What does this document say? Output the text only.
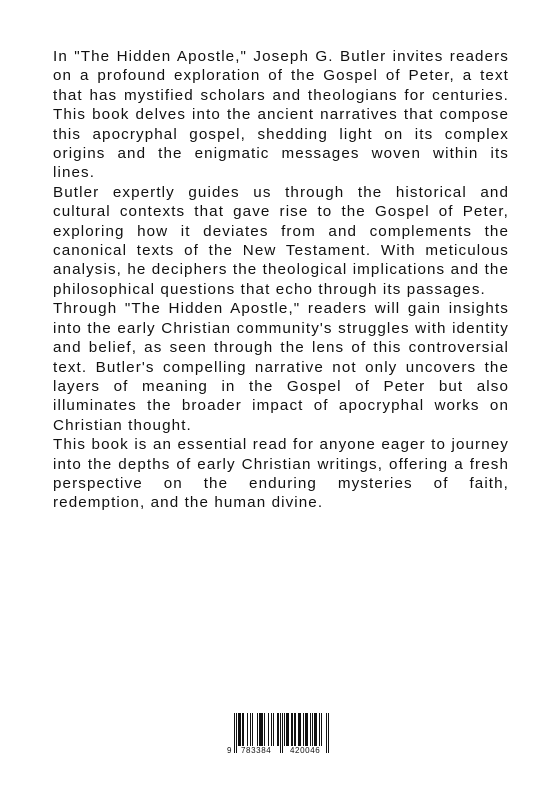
In "The Hidden Apostle," Joseph G. Butler invites readers on a profound exploration of the Gospel of Peter, a text that has mystified scholars and theologians for centuries. This book delves into the ancient narratives that compose this apocryphal gospel, shedding light on its complex origins and the enigmatic messages woven within its lines.

Butler expertly guides us through the historical and cultural contexts that gave rise to the Gospel of Peter, exploring how it deviates from and complements the canonical texts of the New Testament. With meticulous analysis, he deciphers the theological implications and the philosophical questions that echo through its passages.

Through "The Hidden Apostle," readers will gain insights into the early Christian community's struggles with identity and belief, as seen through the lens of this controversial text. Butler's compelling narrative not only uncovers the layers of meaning in the Gospel of Peter but also illuminates the broader impact of apocryphal works on Christian thought.

This book is an essential read for anyone eager to journey into the depths of early Christian writings, offering a fresh perspective on the enduring mysteries of faith, redemption, and the human divine.

9 783384 420046
